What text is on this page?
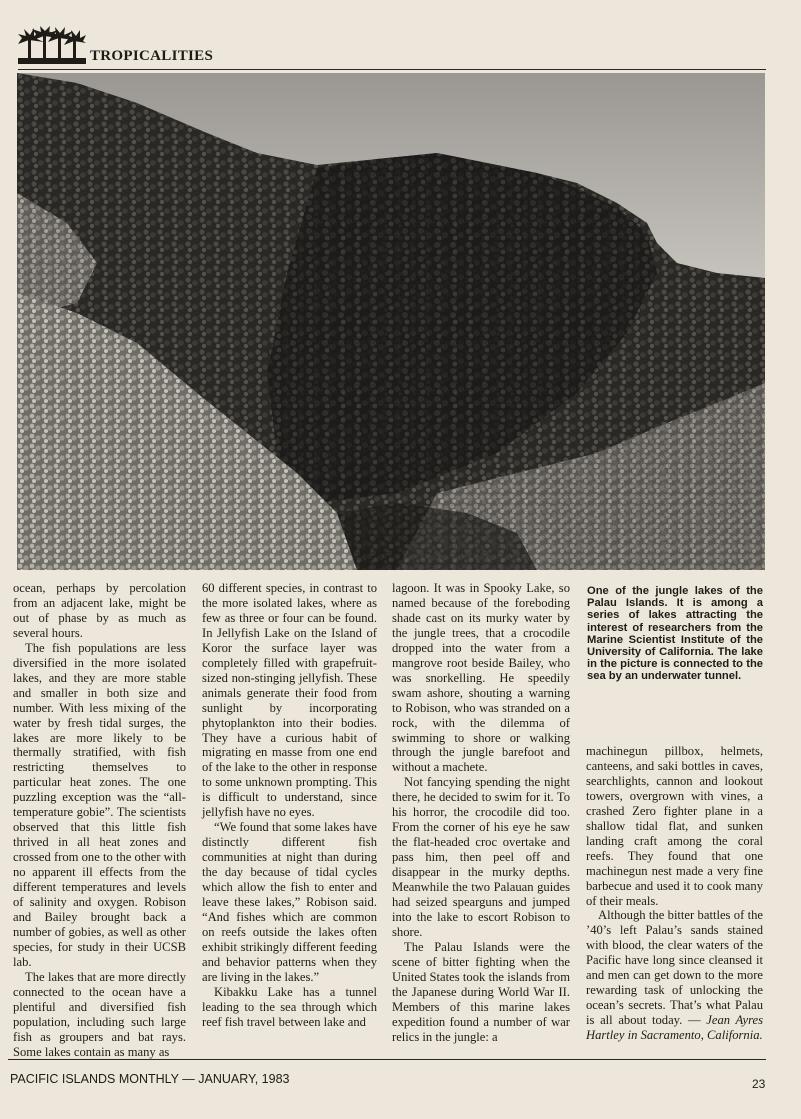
TROPICALITIES
One of the jungle lakes of the Palau Islands. It is among a series of lakes attracting the interest of researchers from the Marine Scientist Institute of the University of California. The lake in the picture is connected to the sea by an underwater tunnel.

ocean, perhaps by percolation from an adjacent lake, might be out of phase by as much as several hours.

The fish populations are less diversified in the more isolated lakes, and they are more stable and smaller in both size and number. With less mixing of the water by fresh tidal surges, the lakes are more likely to be thermally stratified, with fish restricting themselves to particular heat zones. The one puzzling exception was the “all-temperature gobie”. The scientists observed that this little fish thrived in all heat zones and crossed from one to the other with no apparent ill effects from the different temperatures and levels of salinity and oxygen. Robison and Bailey brought back a number of gobies, as well as other species, for study in their UCSB lab.

The lakes that are more directly connected to the ocean have a plentiful and diversified fish population, including such large fish as groupers and bat rays. Some lakes contain as many as

60 different species, in contrast to the more isolated lakes, where as few as three or four can be found. In Jellyfish Lake on the Island of Koror the surface layer was completely filled with grapefruit-sized non-stinging jellyfish. These animals generate their food from sunlight by incorporating phytoplankton into their bodies. They have a curious habit of migrating en masse from one end of the lake to the other in response to some unknown prompting. This is difficult to understand, since jellyfish have no eyes.

“We found that some lakes have distinctly different fish communities at night than during the day because of tidal cycles which allow the fish to enter and leave these lakes,” Robison said. “And fishes which are common on reefs outside the lakes often exhibit strikingly different feeding and behavior patterns when they are living in the lakes.”

Kibakku Lake has a tunnel leading to the sea through which reef fish travel between lake and

lagoon. It was in Spooky Lake, so named because of the foreboding shade cast on its murky water by the jungle trees, that a crocodile dropped into the water from a mangrove root beside Bailey, who was snorkelling. He speedily swam ashore, shouting a warning to Robison, who was stranded on a rock, with the dilemma of swimming to shore or walking through the jungle barefoot and without a machete.

Not fancying spending the night there, he decided to swim for it. To his horror, the crocodile did too. From the corner of his eye he saw the flat-headed croc overtake and pass him, then peel off and disappear in the murky depths. Meanwhile the two Palauan guides had seized spearguns and jumped into the lake to escort Robison to shore.

The Palau Islands were the scene of bitter fighting when the United States took the islands from the Japanese during World War II. Members of this marine lakes expedition found a number of war relics in the jungle: a

machinegun pillbox, helmets, canteens, and saki bottles in caves, searchlights, cannon and lookout towers, overgrown with vines, a crashed Zero fighter plane in a shallow tidal flat, and sunken landing craft among the coral reefs. They found that one machinegun nest made a very fine barbecue and used it to cook many of their meals.

Although the bitter battles of the ’40’s left Palau’s sands stained with blood, the clear waters of the Pacific have long since cleansed it and men can get down to the more rewarding task of unlocking the ocean’s secrets. That’s what Palau is all about today. — Jean Ayres Hartley in Sacramento, California.

PACIFIC ISLANDS MONTHLY — JANUARY, 1983	23
